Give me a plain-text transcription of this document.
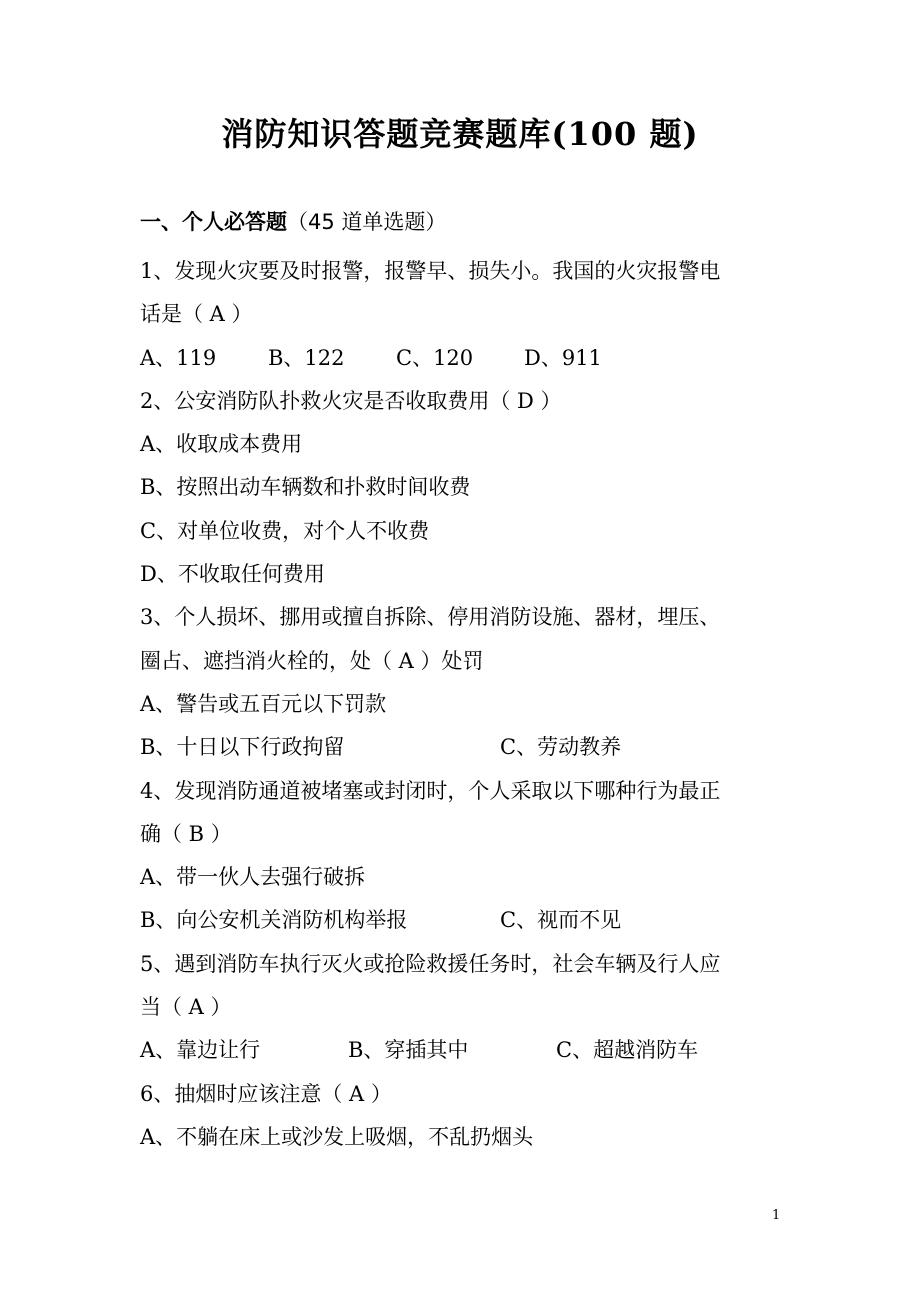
消防知识答题竞赛题库(100 题)
一、个人必答题（45 道单选题）
1、发现火灾要及时报警，报警早、损失小。我国的火灾报警电
话是（ A ）
A、119	B、122	C、120	D、911
2、公安消防队扑救火灾是否收取费用（ D ）
A、收取成本费用
B、按照出动车辆数和扑救时间收费
C、对单位收费，对个人不收费
D、不收取任何费用
3、个人损坏、挪用或擅自拆除、停用消防设施、器材，埋压、
圈占、遮挡消火栓的，处（ A ）处罚
A、警告或五百元以下罚款
B、十日以下行政拘留	C、劳动教养
4、发现消防通道被堵塞或封闭时，个人采取以下哪种行为最正
确（ B ）
A、带一伙人去强行破拆
B、向公安机关消防机构举报	C、视而不见
5、遇到消防车执行灭火或抢险救援任务时，社会车辆及行人应
当（ A ）
A、靠边让行	B、穿插其中	C、超越消防车
6、抽烟时应该注意（ A ）
A、不躺在床上或沙发上吸烟，不乱扔烟头
1
